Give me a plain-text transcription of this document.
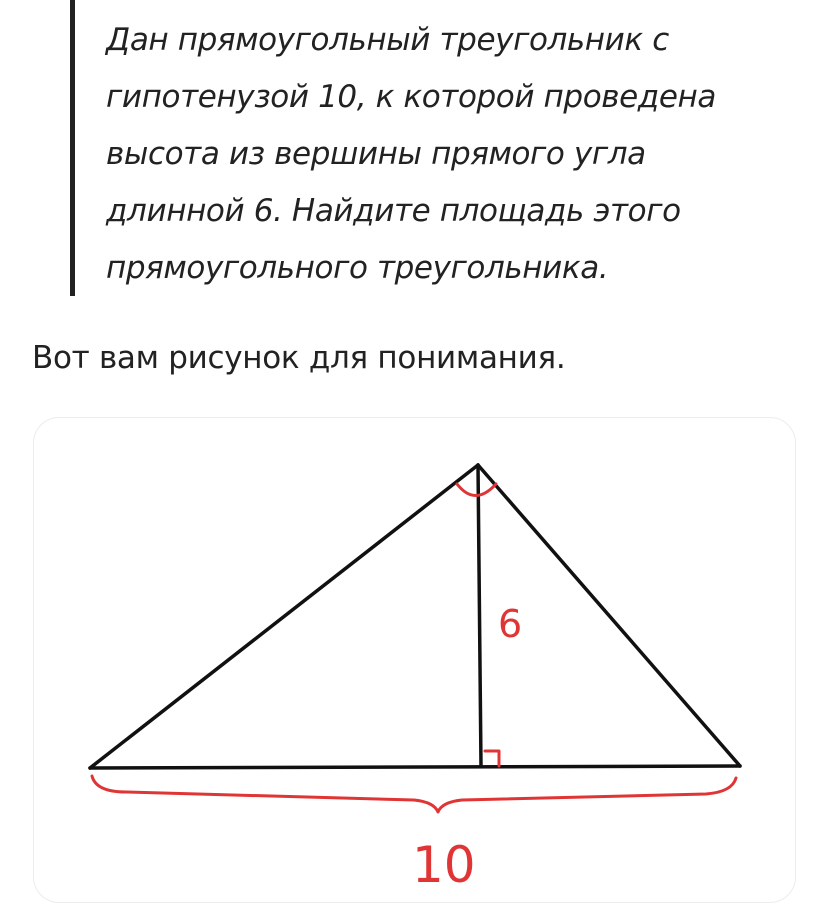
Дан прямоугольный треугольник с
гипотенузой 10, к которой проведена
высота из вершины прямого угла
длинной 6. Найдите площадь этого
прямоугольного треугольника.
Вот вам рисунок для понимания.
6
10
